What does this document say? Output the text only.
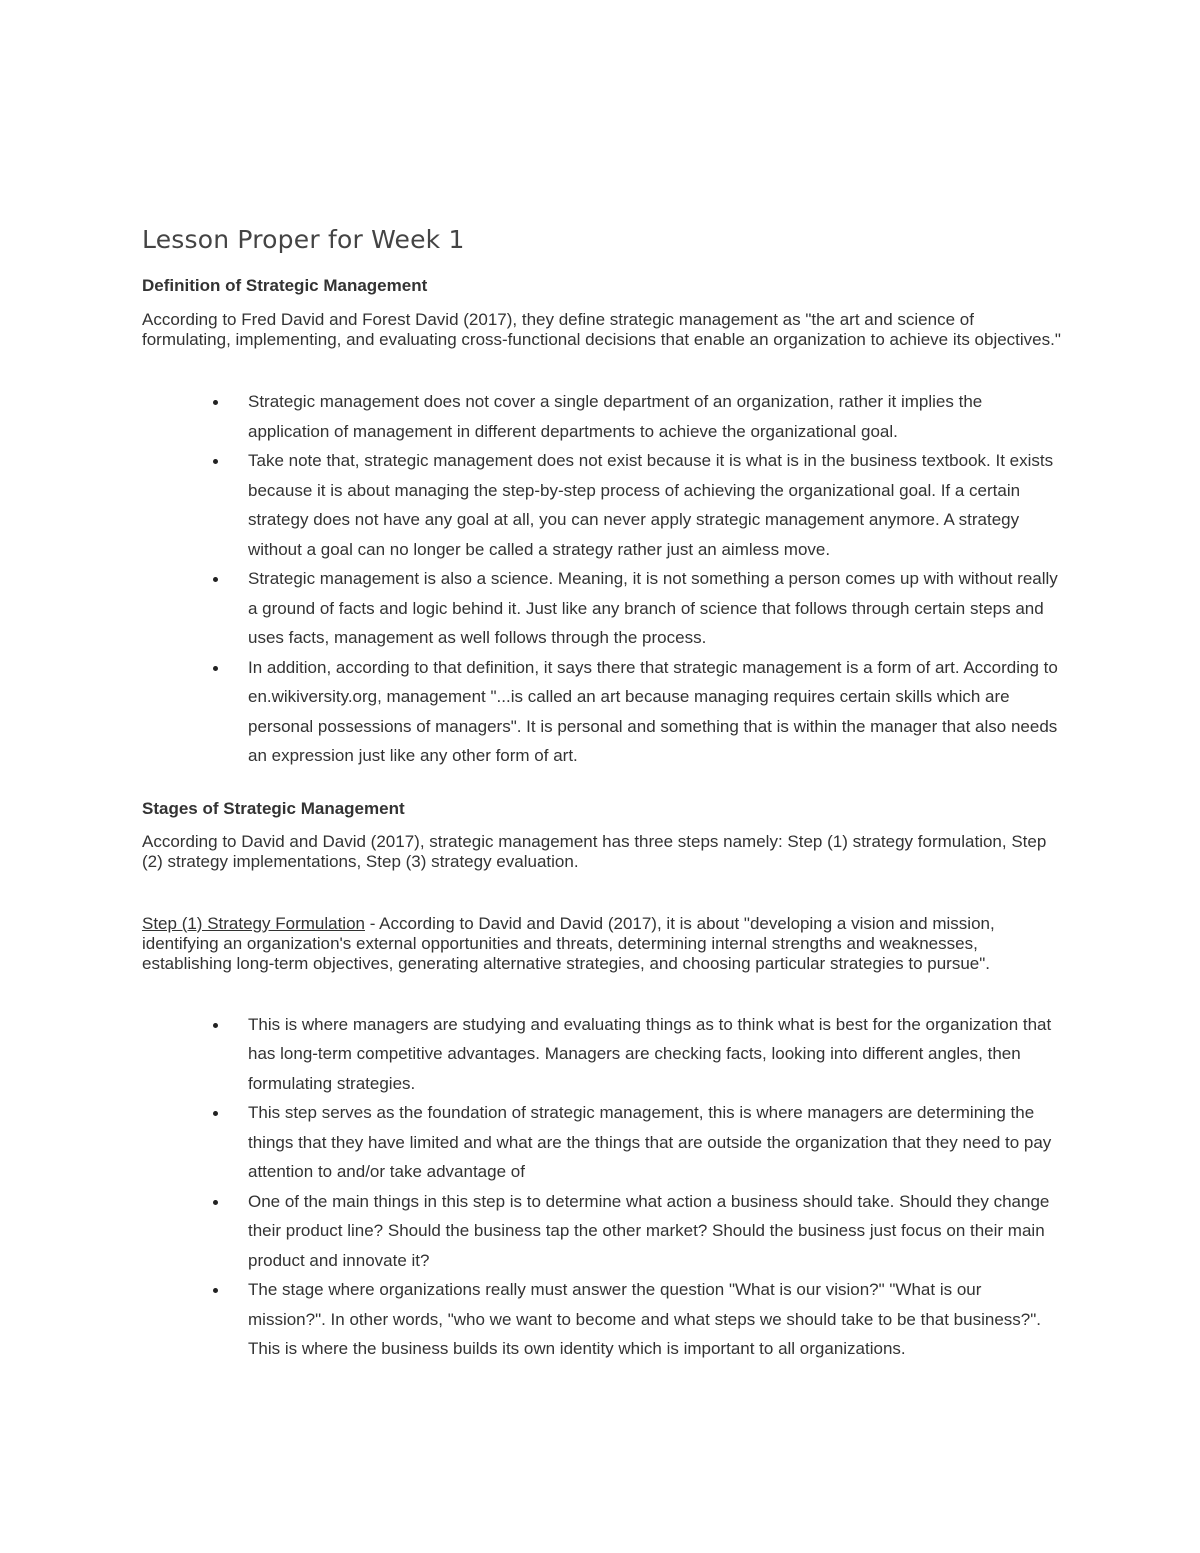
Lesson Proper for Week 1
Definition of Strategic Management

According to Fred David and Forest David (2017), they define strategic management as "the art and science of formulating, implementing, and evaluating cross-functional decisions that enable an organization to achieve its objectives."

Strategic management does not cover a single department of an organization, rather it implies the application of management in different departments to achieve the organizational goal.
Take note that, strategic management does not exist because it is what is in the business textbook. It exists because it is about managing the step-by-step process of achieving the organizational goal. If a certain strategy does not have any goal at all, you can never apply strategic management anymore. A strategy without a goal can no longer be called a strategy rather just an aimless move.
Strategic management is also a science. Meaning, it is not something a person comes up with without really a ground of facts and logic behind it. Just like any branch of science that follows through certain steps and uses facts, management as well follows through the process.
In addition, according to that definition, it says there that strategic management is a form of art. According to en.wikiversity.org, management "...is called an art because managing requires certain skills which are personal possessions of managers". It is personal and something that is within the manager that also needs an expression just like any other form of art.
Stages of Strategic Management

According to David and David (2017), strategic management has three steps namely: Step (1) strategy formulation, Step (2) strategy implementations, Step (3) strategy evaluation.

Step (1) Strategy Formulation - According to David and David (2017), it is about "developing a vision and mission, identifying an organization's external opportunities and threats, determining internal strengths and weaknesses, establishing long-term objectives, generating alternative strategies, and choosing particular strategies to pursue".

This is where managers are studying and evaluating things as to think what is best for the organization that has long-term competitive advantages. Managers are checking facts, looking into different angles, then formulating strategies.
This step serves as the foundation of strategic management, this is where managers are determining the things that they have limited and what are the things that are outside the organization that they need to pay attention to and/or take advantage of
One of the main things in this step is to determine what action a business should take. Should they change their product line? Should the business tap the other market? Should the business just focus on their main product and innovate it?
The stage where organizations really must answer the question "What is our vision?" "What is our mission?". In other words, "who we want to become and what steps we should take to be that business?". This is where the business builds its own identity which is important to all organizations.
